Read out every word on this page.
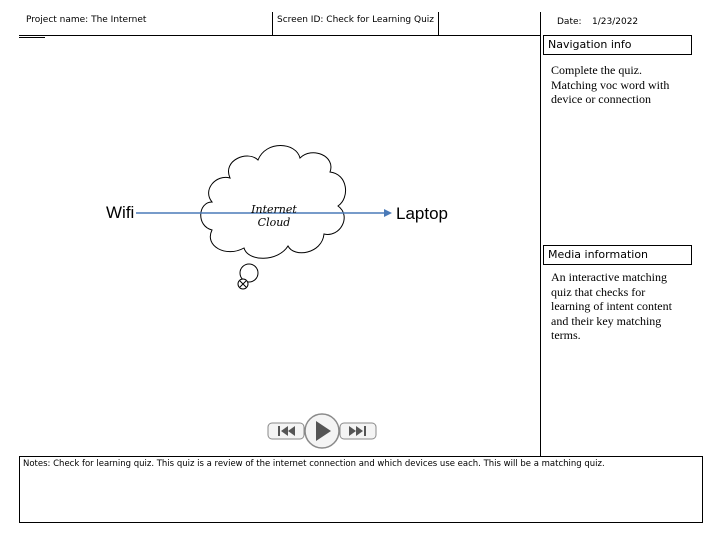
Project name: The Internet	Screen ID: Check for Learning Quiz	Date: 1/23/2022
Navigation info
Complete the quiz. Matching voc word with device or connection
Media information
An interactive matching quiz that checks for learning of intent content and their key matching terms.
Wifi	Internet
Cloud	Laptop
Notes: Check for learning quiz. This quiz is a review of the internet connection and which devices use each. This will be a matching quiz.
